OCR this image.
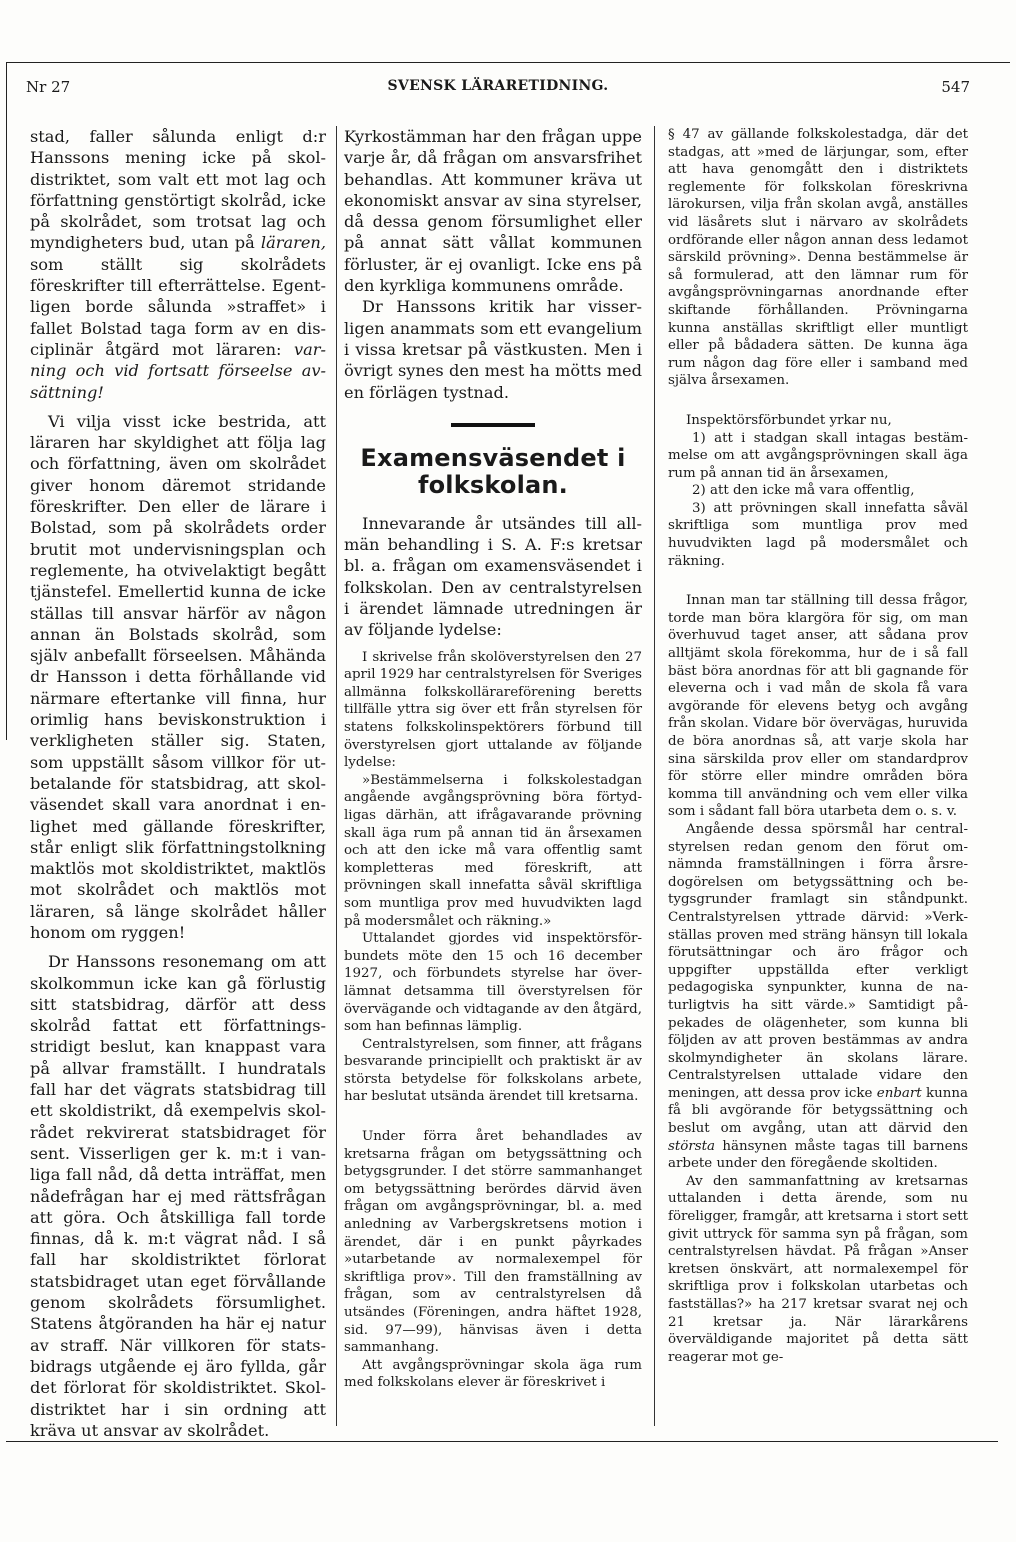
Nr 27	SVENSK LÄRARETIDNING.	547

stad, faller sålunda enligt d:r Hanssons mening icke på skoldistriktet, som valt ett mot lag och författning genstörtigt skolråd, icke på skolrådet, som trotsat lag och myndigheters bud, utan på läraren, som ställt sig skolrådets föreskrifter till efterrättelse. Egentligen borde sålunda »straffet» i fallet Bolstad taga form av en disciplinär åtgärd mot läraren: varning och vid fortsatt förseelse avsättning!

Vi vilja visst icke bestrida, att läraren har skyldighet att följa lag och författning, även om skolrådet giver honom däremot stridande föreskrifter. Den eller de lärare i Bolstad, som på skolrådets order brutit mot undervisningsplan och reglemente, ha otvivelaktigt begått tjänstefel. Emellertid kunna de icke ställas till ansvar härför av någon annan än Bolstads skolråd, som själv anbefallt förseelsen. Måhända dr Hansson i detta förhållande vid närmare eftertanke vill finna, hur orimlig hans beviskonstruktion i verkligheten ställer sig. Staten, som uppställt såsom villkor för utbetalande för statsbidrag, att skolväsendet skall vara anordnat i enlighet med gällande föreskrifter, står enligt slik författningstolkning maktlös mot skoldistriktet, maktlös mot skolrådet och maktlös mot läraren, så länge skolrådet håller honom om ryggen!

Dr Hanssons resonemang om att skolkommun icke kan gå förlustig sitt statsbidrag, därför att dess skolråd fattat ett författningsstridigt beslut, kan knappast vara på allvar framställt. I hundratals fall har det vägrats statsbidrag till ett skoldistrikt, då exempelvis skolrådet rekvirerat statsbidraget för sent. Visserligen ger k. m:t i vanliga fall nåd, då detta inträffat, men nådefrågan har ej med rättsfrågan att göra. Och åtskilliga fall torde finnas, då k. m:t vägrat nåd. I så fall har skoldistriktet förlorat statsbidraget utan eget förvållande genom skolrådets försumlighet. Statens åtgöranden ha här ej natur av straff. När villkoren för statsbidrags utgående ej äro fyllda, går det förlorat för skoldistriktet. Skoldistriktet har i sin ordning att kräva ut ansvar av skolrådet.

Kyrkostämman har den frågan uppe varje år, då frågan om ansvarsfrihet behandlas. Att kommuner kräva ut ekonomiskt ansvar av sina styrelser, då dessa genom försumlighet eller på annat sätt vållat kommunen förluster, är ej ovanligt. Icke ens på den kyrkliga kommunens område.

Dr Hanssons kritik har visserligen anammats som ett evangelium i vissa kretsar på västkusten. Men i övrigt synes den mest ha mötts med en förlägen tystnad.

Examensväsendet i folkskolan.

Innevarande år utsändes till allmän behandling i S. A. F:s kretsar bl. a. frågan om examensväsendet i folkskolan. Den av centralstyrelsen i ärendet lämnade utredningen är av följande lydelse:

I skrivelse från skolöverstyrelsen den 27 april 1929 har centralstyrelsen för Sveriges allmänna folkskollärareförening beretts tillfälle yttra sig över ett från styrelsen för statens folkskolinspektörers förbund till överstyrelsen gjort uttalande av följande lydelse:

»Bestämmelserna i folkskolestadgan angående avgångsprövning böra förtydligas därhän, att ifrågavarande prövning skall äga rum på annan tid än årsexamen och att den icke må vara offentlig samt kompletteras med föreskrift, att prövningen skall innefatta såväl skriftliga som muntliga prov med huvudvikten lagd på modersmålet och räkning.»

Uttalandet gjordes vid inspektörsförbundets möte den 15 och 16 december 1927, och förbundets styrelse har överlämnat detsamma till överstyrelsen för övervägande och vidtagande av den åtgärd, som han befinnas lämplig.

Centralstyrelsen, som finner, att frågans besvarande principiellt och praktiskt är av största betydelse för folkskolans arbete, har beslutat utsända ärendet till kretsarna.

Under förra året behandlades av kretsarna frågan om betygssättning och betygsgrunder. I det större sammanhanget om betygssättning berördes därvid även frågan om avgångsprövningar, bl. a. med anledning av Varbergskretsens motion i ärendet, där i en punkt påyrkades »utarbetande av normalexempel för skriftliga prov». Till den framställning av frågan, som av centralstyrelsen då utsändes (Föreningen, andra häftet 1928, sid. 97—99), hänvisas även i detta sammanhang.

Att avgångsprövningar skola äga rum med folkskolans elever är föreskrivet i

§ 47 av gällande folkskolestadga, där det stadgas, att »med de lärjungar, som, efter att hava genomgått den i distriktets reglemente för folkskolan föreskrivna lärokursen, vilja från skolan avgå, anställes vid läsårets slut i närvaro av skolrådets ordförande eller någon annan dess ledamot särskild prövning». Denna bestämmelse är så formulerad, att den lämnar rum för avgångsprövningarnas anordnande efter skiftande förhållanden. Prövningarna kunna anställas skriftligt eller muntligt eller på bådadera sätten. De kunna äga rum någon dag före eller i samband med själva årsexamen.

Inspektörsförbundet yrkar nu,

1) att i stadgan skall intagas bestämmelse om att avgångsprövningen skall äga rum på annan tid än årsexamen,

2) att den icke må vara offentlig,

3) att prövningen skall innefatta såväl skriftliga som muntliga prov med huvudvikten lagd på modersmålet och räkning.

Innan man tar ställning till dessa frågor, torde man böra klargöra för sig, om man överhuvud taget anser, att sådana prov alltjämt skola förekomma, hur de i så fall bäst böra anordnas för att bli gagnande för eleverna och i vad mån de skola få vara avgörande för elevens betyg och avgång från skolan. Vidare bör övervägas, huruvida de böra anordnas så, att varje skola har sina särskilda prov eller om standardprov för större eller mindre områden böra komma till användning och vem eller vilka som i sådant fall böra utarbeta dem o. s. v.

Angående dessa spörsmål har centralstyrelsen redan genom den förut omnämnda framställningen i förra årsredogörelsen om betygssättning och betygsgrunder framlagt sin ståndpunkt. Centralstyrelsen yttrade därvid: »Verkställas proven med sträng hänsyn till lokala förutsättningar och äro frågor och uppgifter uppställda efter verkligt pedagogiska synpunkter, kunna de naturligtvis ha sitt värde.» Samtidigt påpekades de olägenheter, som kunna bli följden av att proven bestämmas av andra skolmyndigheter än skolans lärare. Centralstyrelsen uttalade vidare den meningen, att dessa prov icke enbart kunna få bli avgörande för betygssättning och beslut om avgång, utan att därvid den största hänsynen måste tagas till barnens arbete under den föregående skoltiden.

Av den sammanfattning av kretsarnas uttalanden i detta ärende, som nu föreligger, framgår, att kretsarna i stort sett givit uttryck för samma syn på frågan, som centralstyrelsen hävdat. På frågan »Anser kretsen önskvärt, att normalexempel för skriftliga prov i folkskolan utarbetas och fastställas?» ha 217 kretsar svarat nej och 21 kretsar ja. När lärarkårens överväldigande majoritet på detta sätt reagerar mot ge-
